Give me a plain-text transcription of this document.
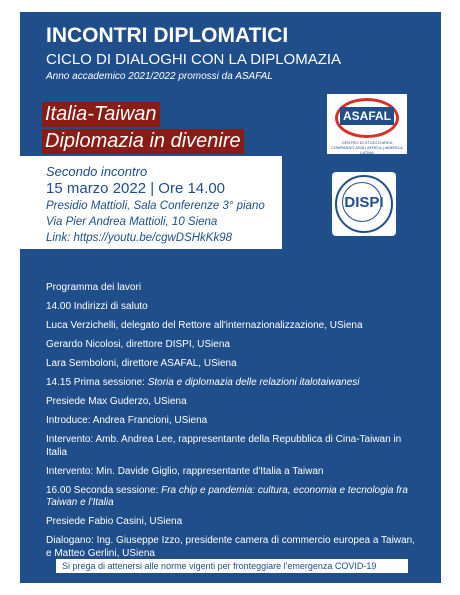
INCONTRI DIPLOMATICI
CICLO DI DIALOGHI CON LA DIPLOMAZIA
Anno accademico 2021/2022 promossi da ASAFAL
Italia-Taiwan
Diplomazia in divenire
Secondo incontro
15 marzo 2022 | Ore 14.00
Presidio Mattioli, Sala Conferenze 3° piano
Via Pier Andrea Mattioli, 10 Siena
Link: https://youtu.be/cgwDSHkKk98
ASAFAL
CENTRO DI STUDI D'AREA COMPARATI ASIA | AFRICA | AMERICA LATINA
DISPI

Programma dei lavori

14.00 Indirizzi di saluto

Luca Verzichelli, delegato del Rettore all'internazionalizzazione, USiena

Gerardo Nicolosi, direttore DISPI, USiena

Lara Semboloni, direttore ASAFAL, USiena

14.15 Prima sessione: Storia e diplomazia delle relazioni italotaiwanesi

Presiede Max Guderzo, USiena

Introduce: Andrea Francioni, USiena

Intervento: Amb. Andrea Lee, rappresentante della Repubblica di Cina-Taiwan in Italia

Intervento: Min. Davide Giglio, rappresentante d'Italia a Taiwan

16.00 Seconda sessione: Fra chip e pandemia: cultura, economia e tecnologia fra Taiwan e l'Italia

Presiede Fabio Casini, USiena

Dialogano: Ing. Giuseppe Izzo, presidente camera di commercio europea a Taiwan, e Matteo Gerlini, USiena

Si prega di attenersi alle norme vigenti per fronteggiare l'emergenza COVID-19
